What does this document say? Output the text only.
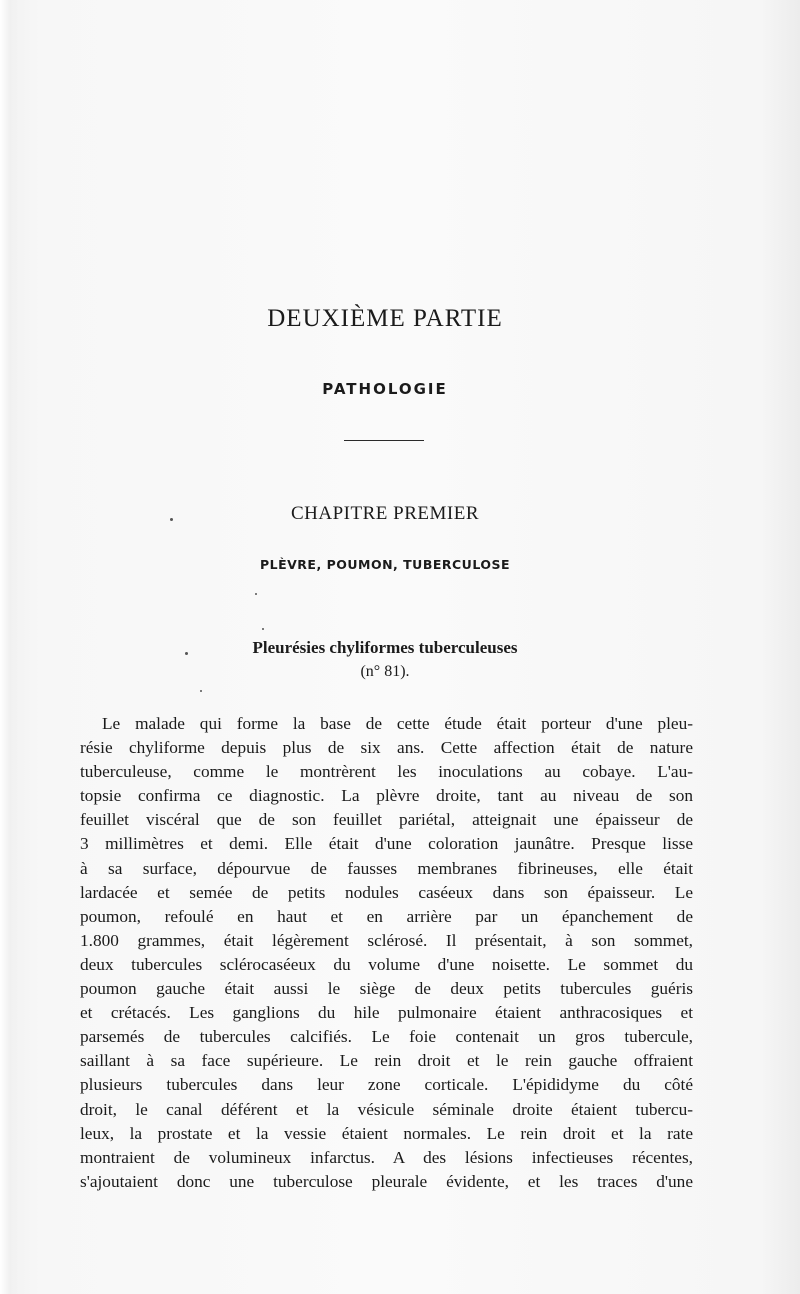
DEUXIÈME PARTIE
PATHOLOGIE
CHAPITRE PREMIER
PLÈVRE, POUMON, TUBERCULOSE
Pleurésies chyliformes tuberculeuses

(n° 81).

Le malade qui forme la base de cette étude était porteur d'une pleu-
résie chyliforme depuis plus de six ans. Cette affection était de nature
tuberculeuse, comme le montrèrent les inoculations au cobaye. L'au-
topsie confirma ce diagnostic. La plèvre droite, tant au niveau de son
feuillet viscéral que de son feuillet pariétal, atteignait une épaisseur de
3 millimètres et demi. Elle était d'une coloration jaunâtre. Presque lisse
à sa surface, dépourvue de fausses membranes fibrineuses, elle était
lardacée et semée de petits nodules caséeux dans son épaisseur. Le
poumon, refoulé en haut et en arrière par un épanchement de
1.800 grammes, était légèrement sclérosé. Il présentait, à son sommet,
deux tubercules sclérocaséeux du volume d'une noisette. Le sommet du
poumon gauche était aussi le siège de deux petits tubercules guéris
et crétacés. Les ganglions du hile pulmonaire étaient anthracosiques et
parsemés de tubercules calcifiés. Le foie contenait un gros tubercule,
saillant à sa face supérieure. Le rein droit et le rein gauche offraient
plusieurs tubercules dans leur zone corticale. L'épididyme du côté
droit, le canal déférent et la vésicule séminale droite étaient tubercu-
leux, la prostate et la vessie étaient normales. Le rein droit et la rate
montraient de volumineux infarctus. A des lésions infectieuses récentes,
s'ajoutaient donc une tuberculose pleurale évidente, et les traces d'une
